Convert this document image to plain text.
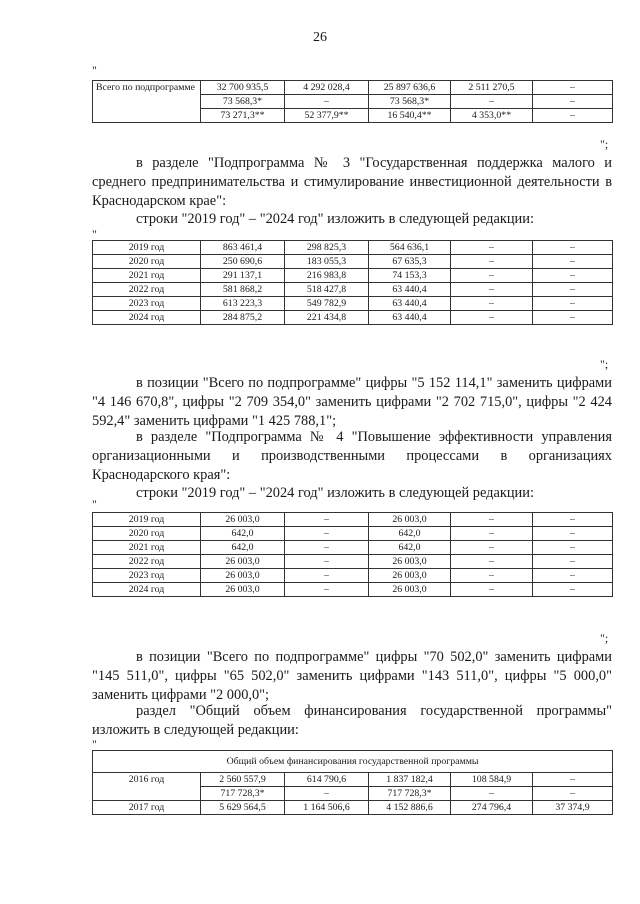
26
"
Всего по подпрограмме	32 700 935,5	4 292 028,4	25 897 636,6	2 511 270,5	–
	73 568,3*	–	73 568,3*	–	–
	73 271,3**	52 377,9**	16 540,4**	4 353,0**	–
";
в разделе "Подпрограмма № 3 "Государственная поддержка малого и среднего предпринимательства и стимулирование инвестиционной деятельности в Краснодарском крае":
строки "2019 год" – "2024 год" изложить в следующей редакции:
"
2019 год	863 461,4	298 825,3	564 636,1	–	–
2020 год	250 690,6	183 055,3	67 635,3	–	–
2021 год	291 137,1	216 983,8	74 153,3	–	–
2022 год	581 868,2	518 427,8	63 440,4	–	–
2023 год	613 223,3	549 782,9	63 440,4	–	–
2024 год	284 875,2	221 434,8	63 440,4	–	–
";
в позиции "Всего по подпрограмме" цифры "5 152 114,1" заменить цифрами "4 146 670,8", цифры "2 709 354,0" заменить цифрами "2 702 715,0", цифры "2 424 592,4" заменить цифрами "1 425 788,1";
в разделе "Подпрограмма № 4 "Повышение эффективности управления организационными и производственными процессами в организациях Краснодарского края":
строки "2019 год" – "2024 год" изложить в следующей редакции:
"
2019 год	26 003,0	–	26 003,0	–	–
2020 год	642,0	–	642,0	–	–
2021 год	642,0	–	642,0	–	–
2022 год	26 003,0	–	26 003,0	–	–
2023 год	26 003,0	–	26 003,0	–	–
2024 год	26 003,0	–	26 003,0	–	–
";
в позиции "Всего по подпрограмме" цифры "70 502,0" заменить цифрами "145 511,0", цифры "65 502,0" заменить цифрами "143 511,0", цифры "5 000,0" заменить цифрами "2 000,0";
раздел "Общий объем финансирования государственной программы" изложить в следующей редакции:
"
Общий объем финансирования государственной программы					
2016 год	2 560 557,9	614 790,6	1 837 182,4	108 584,9	–
	717 728,3*	–	717 728,3*	–	–
2017 год	5 629 564,5	1 164 506,6	4 152 886,6	274 796,4	37 374,9
